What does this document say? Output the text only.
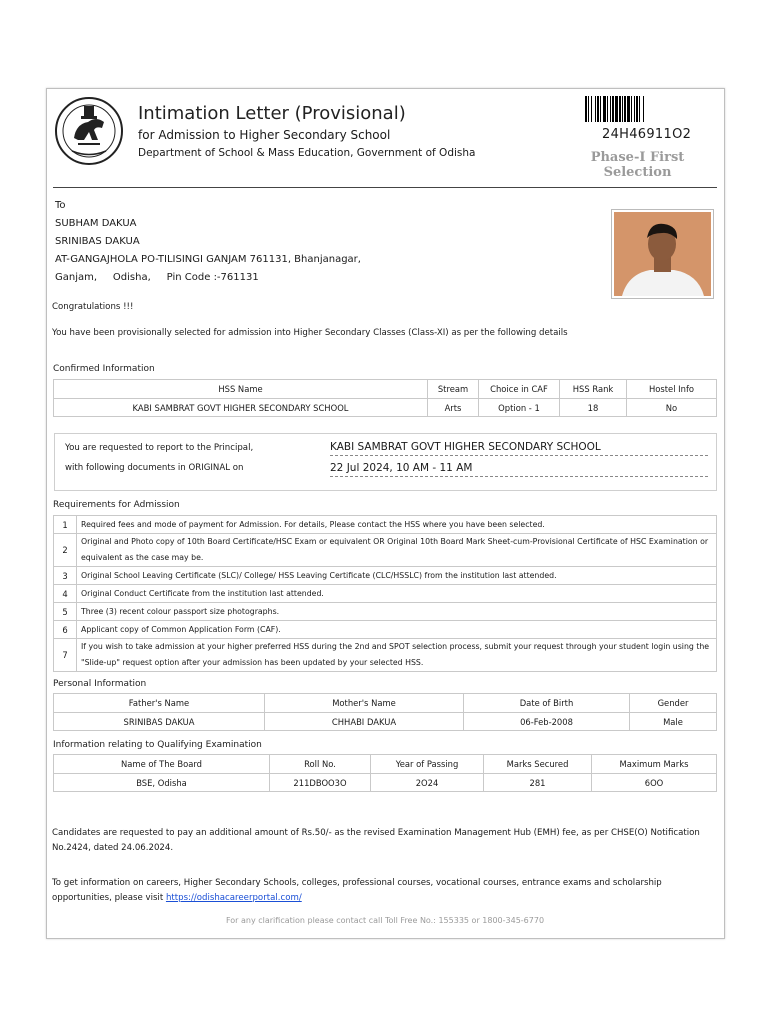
Intimation Letter (Provisional)
for Admission to Higher Secondary School
Department of School & Mass Education, Government of Odisha
24H46911O2
Phase-I First Selection
To
SUBHAM DAKUA
SRINIBAS DAKUA
AT-GANGAJHOLA PO-TILISINGI GANJAM 761131, Bhanjanagar,
Ganjam,     Odisha,     Pin Code :-761131
Congratulations !!!
You have been provisionally selected for admission into Higher Secondary Classes (Class-XI) as per the following details
Confirmed Information
HSS Name	Stream	Choice in CAF	HSS Rank	Hostel Info
KABI SAMBRAT GOVT HIGHER SECONDARY SCHOOL	Arts	Option - 1	18	No
You are requested to report to the Principal,
with following documents in ORIGINAL on
KABI SAMBRAT GOVT HIGHER SECONDARY SCHOOL
22 Jul 2024, 10 AM - 11 AM
Requirements for Admission
1	Required fees and mode of payment for Admission. For details, Please contact the HSS where you have been selected.
2	Original and Photo copy of 10th Board Certificate/HSC Exam or equivalent OR Original 10th Board Mark Sheet-cum-Provisional Certificate of HSC Examination or equivalent as the case may be.
3	Original School Leaving Certificate (SLC)/ College/ HSS Leaving Certificate (CLC/HSSLC) from the institution last attended.
4	Original Conduct Certificate from the institution last attended.
5	Three (3) recent colour passport size photographs.
6	Applicant copy of Common Application Form (CAF).
7	If you wish to take admission at your higher preferred HSS during the 2nd and SPOT selection process, submit your request through your student login using the "Slide-up" request option after your admission has been updated by your selected HSS.
Personal Information
Father's Name	Mother's Name	Date of Birth	Gender
SRINIBAS DAKUA	CHHABI DAKUA	06-Feb-2008	Male
Information relating to Qualifying Examination
Name of The Board	Roll No.	Year of Passing	Marks Secured	Maximum Marks
BSE, Odisha	211DBOO3O	2O24	281	6OO
Candidates are requested to pay an additional amount of Rs.50/- as the revised Examination Management Hub (EMH) fee, as per CHSE(O) Notification No.2424, dated 24.06.2024.
To get information on careers, Higher Secondary Schools, colleges, professional courses, vocational courses, entrance exams and scholarship opportunities, please visit https://odishacareerportal.com/
For any clarification please contact call Toll Free No.: 155335 or 1800-345-6770
